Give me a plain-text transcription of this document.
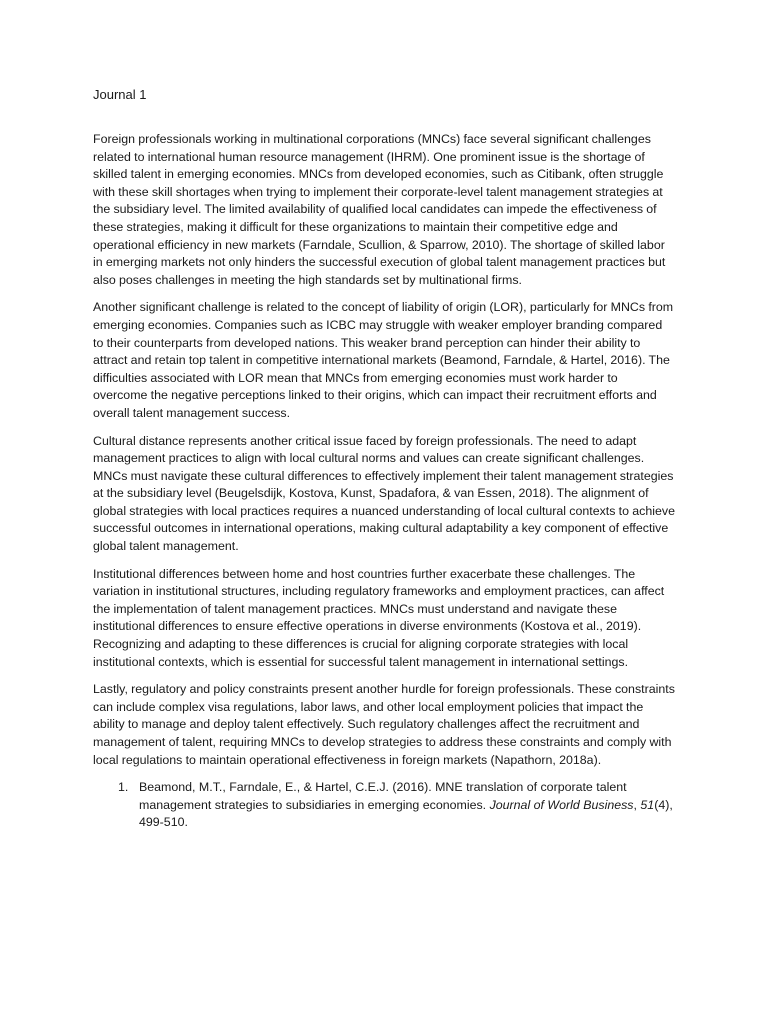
Journal 1

Foreign professionals working in multinational corporations (MNCs) face several significant challenges related to international human resource management (IHRM). One prominent issue is the shortage of skilled talent in emerging economies. MNCs from developed economies, such as Citibank, often struggle with these skill shortages when trying to implement their corporate-level talent management strategies at the subsidiary level. The limited availability of qualified local candidates can impede the effectiveness of these strategies, making it difficult for these organizations to maintain their competitive edge and operational efficiency in new markets (Farndale, Scullion, & Sparrow, 2010). The shortage of skilled labor in emerging markets not only hinders the successful execution of global talent management practices but also poses challenges in meeting the high standards set by multinational firms.

Another significant challenge is related to the concept of liability of origin (LOR), particularly for MNCs from emerging economies. Companies such as ICBC may struggle with weaker employer branding compared to their counterparts from developed nations. This weaker brand perception can hinder their ability to attract and retain top talent in competitive international markets (Beamond, Farndale, & Hartel, 2016). The difficulties associated with LOR mean that MNCs from emerging economies must work harder to overcome the negative perceptions linked to their origins, which can impact their recruitment efforts and overall talent management success.

Cultural distance represents another critical issue faced by foreign professionals. The need to adapt management practices to align with local cultural norms and values can create significant challenges. MNCs must navigate these cultural differences to effectively implement their talent management strategies at the subsidiary level (Beugelsdijk, Kostova, Kunst, Spadafora, & van Essen, 2018). The alignment of global strategies with local practices requires a nuanced understanding of local cultural contexts to achieve successful outcomes in international operations, making cultural adaptability a key component of effective global talent management.

Institutional differences between home and host countries further exacerbate these challenges. The variation in institutional structures, including regulatory frameworks and employment practices, can affect the implementation of talent management practices. MNCs must understand and navigate these institutional differences to ensure effective operations in diverse environments (Kostova et al., 2019). Recognizing and adapting to these differences is crucial for aligning corporate strategies with local institutional contexts, which is essential for successful talent management in international settings.

Lastly, regulatory and policy constraints present another hurdle for foreign professionals. These constraints can include complex visa regulations, labor laws, and other local employment policies that impact the ability to manage and deploy talent effectively. Such regulatory challenges affect the recruitment and management of talent, requiring MNCs to develop strategies to address these constraints and comply with local regulations to maintain operational effectiveness in foreign markets (Napathorn, 2018a).

1. Beamond, M.T., Farndale, E., & Hartel, C.E.J. (2016). MNE translation of corporate talent management strategies to subsidiaries in emerging economies. Journal of World Business, 51(4), 499-510.
